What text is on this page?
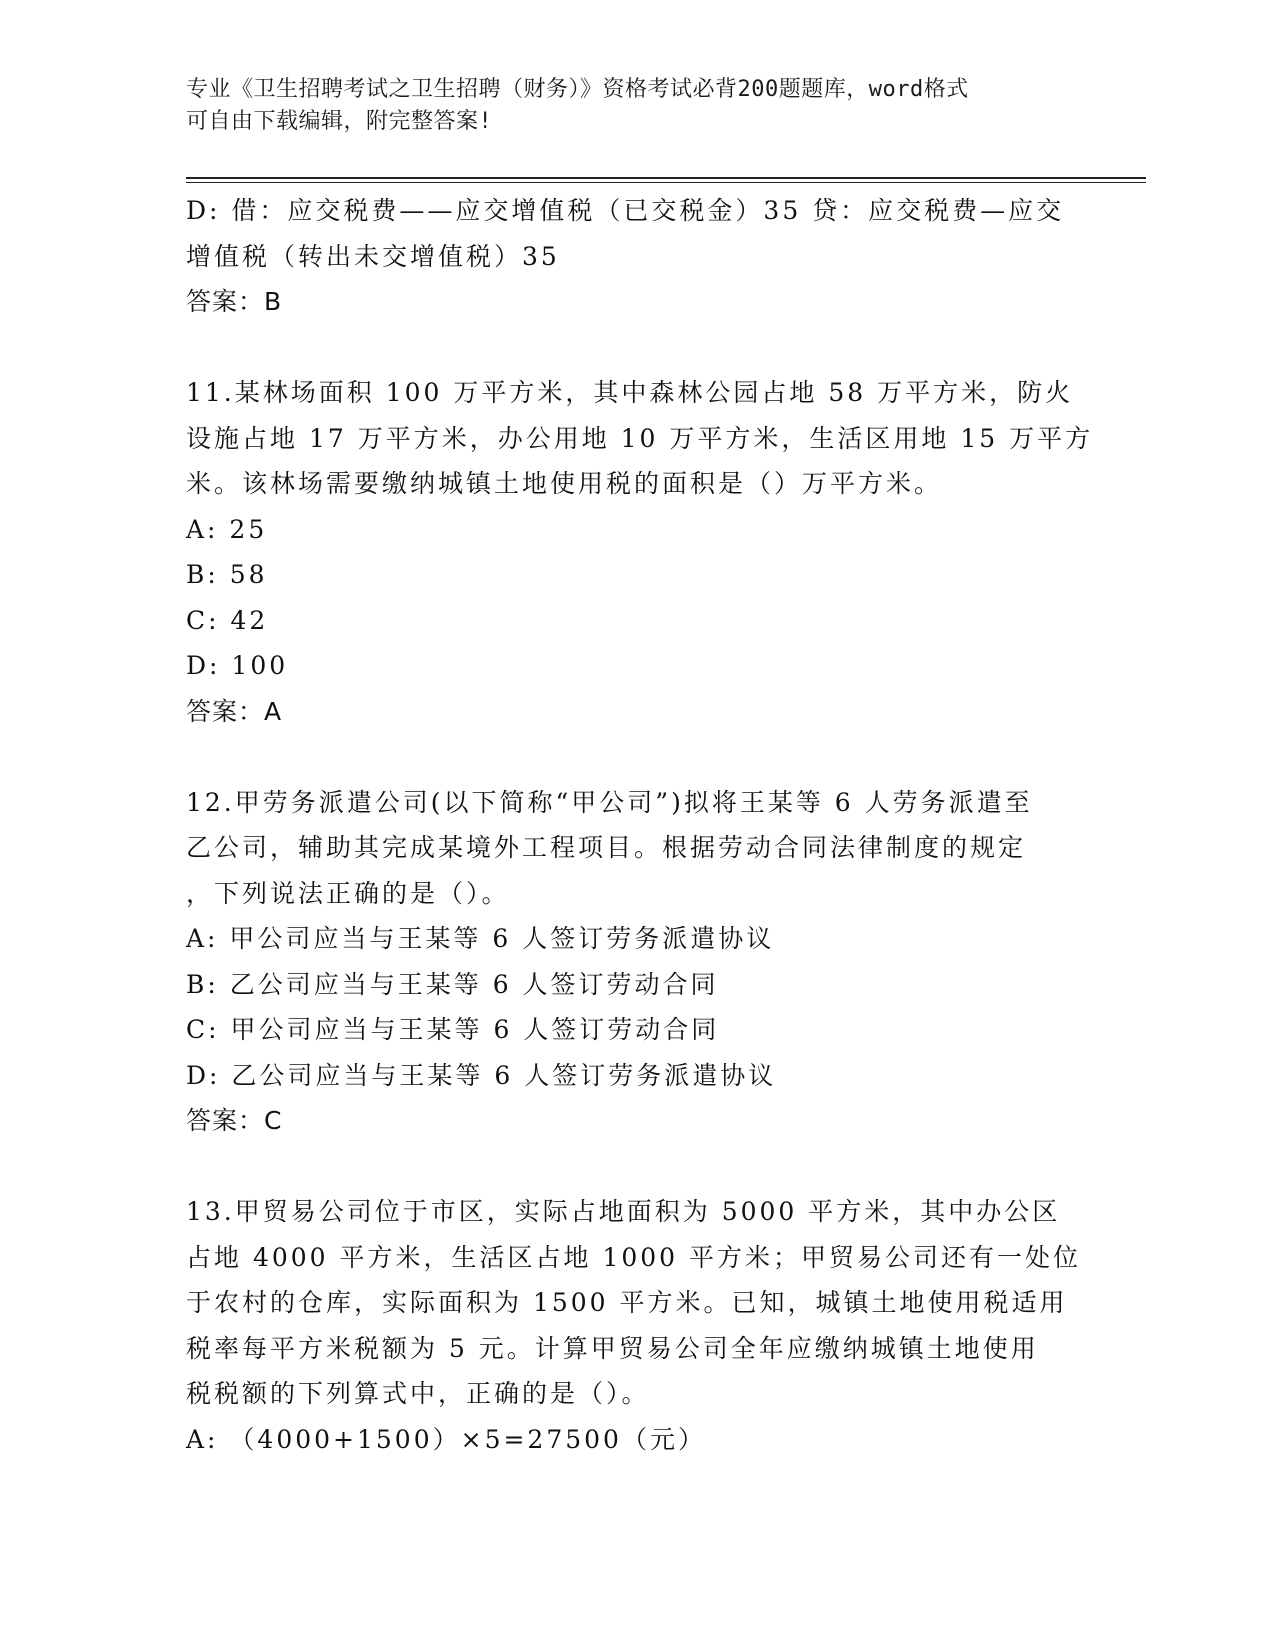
专业《卫生招聘考试之卫生招聘（财务）》资格考试必背200题题库，word格式
可自由下载编辑，附完整答案!
D: 借：应交税费——应交增值税（已交税金）35 贷：应交税费—应交
增值税（转出未交增值税）35
答案：B
11.某林场面积 100 万平方米，其中森林公园占地 58 万平方米，防火
设施占地 17 万平方米，办公用地 10 万平方米，生活区用地 15 万平方
米。该林场需要缴纳城镇土地使用税的面积是（）万平方米。
A: 25
B: 58
C: 42
D: 100
答案：A
12.甲劳务派遣公司(以下简称“甲公司”)拟将王某等 6 人劳务派遣至
乙公司，辅助其完成某境外工程项目。根据劳动合同法律制度的规定
，下列说法正确的是（）。
A: 甲公司应当与王某等 6 人签订劳务派遣协议
B: 乙公司应当与王某等 6 人签订劳动合同
C: 甲公司应当与王某等 6 人签订劳动合同
D: 乙公司应当与王某等 6 人签订劳务派遣协议
答案：C
13.甲贸易公司位于市区，实际占地面积为 5000 平方米，其中办公区
占地 4000 平方米，生活区占地 1000 平方米；甲贸易公司还有一处位
于农村的仓库，实际面积为 1500 平方米。已知，城镇土地使用税适用
税率每平方米税额为 5 元。计算甲贸易公司全年应缴纳城镇土地使用
税税额的下列算式中，正确的是（）。
A: （4000+1500）×5=27500（元）
